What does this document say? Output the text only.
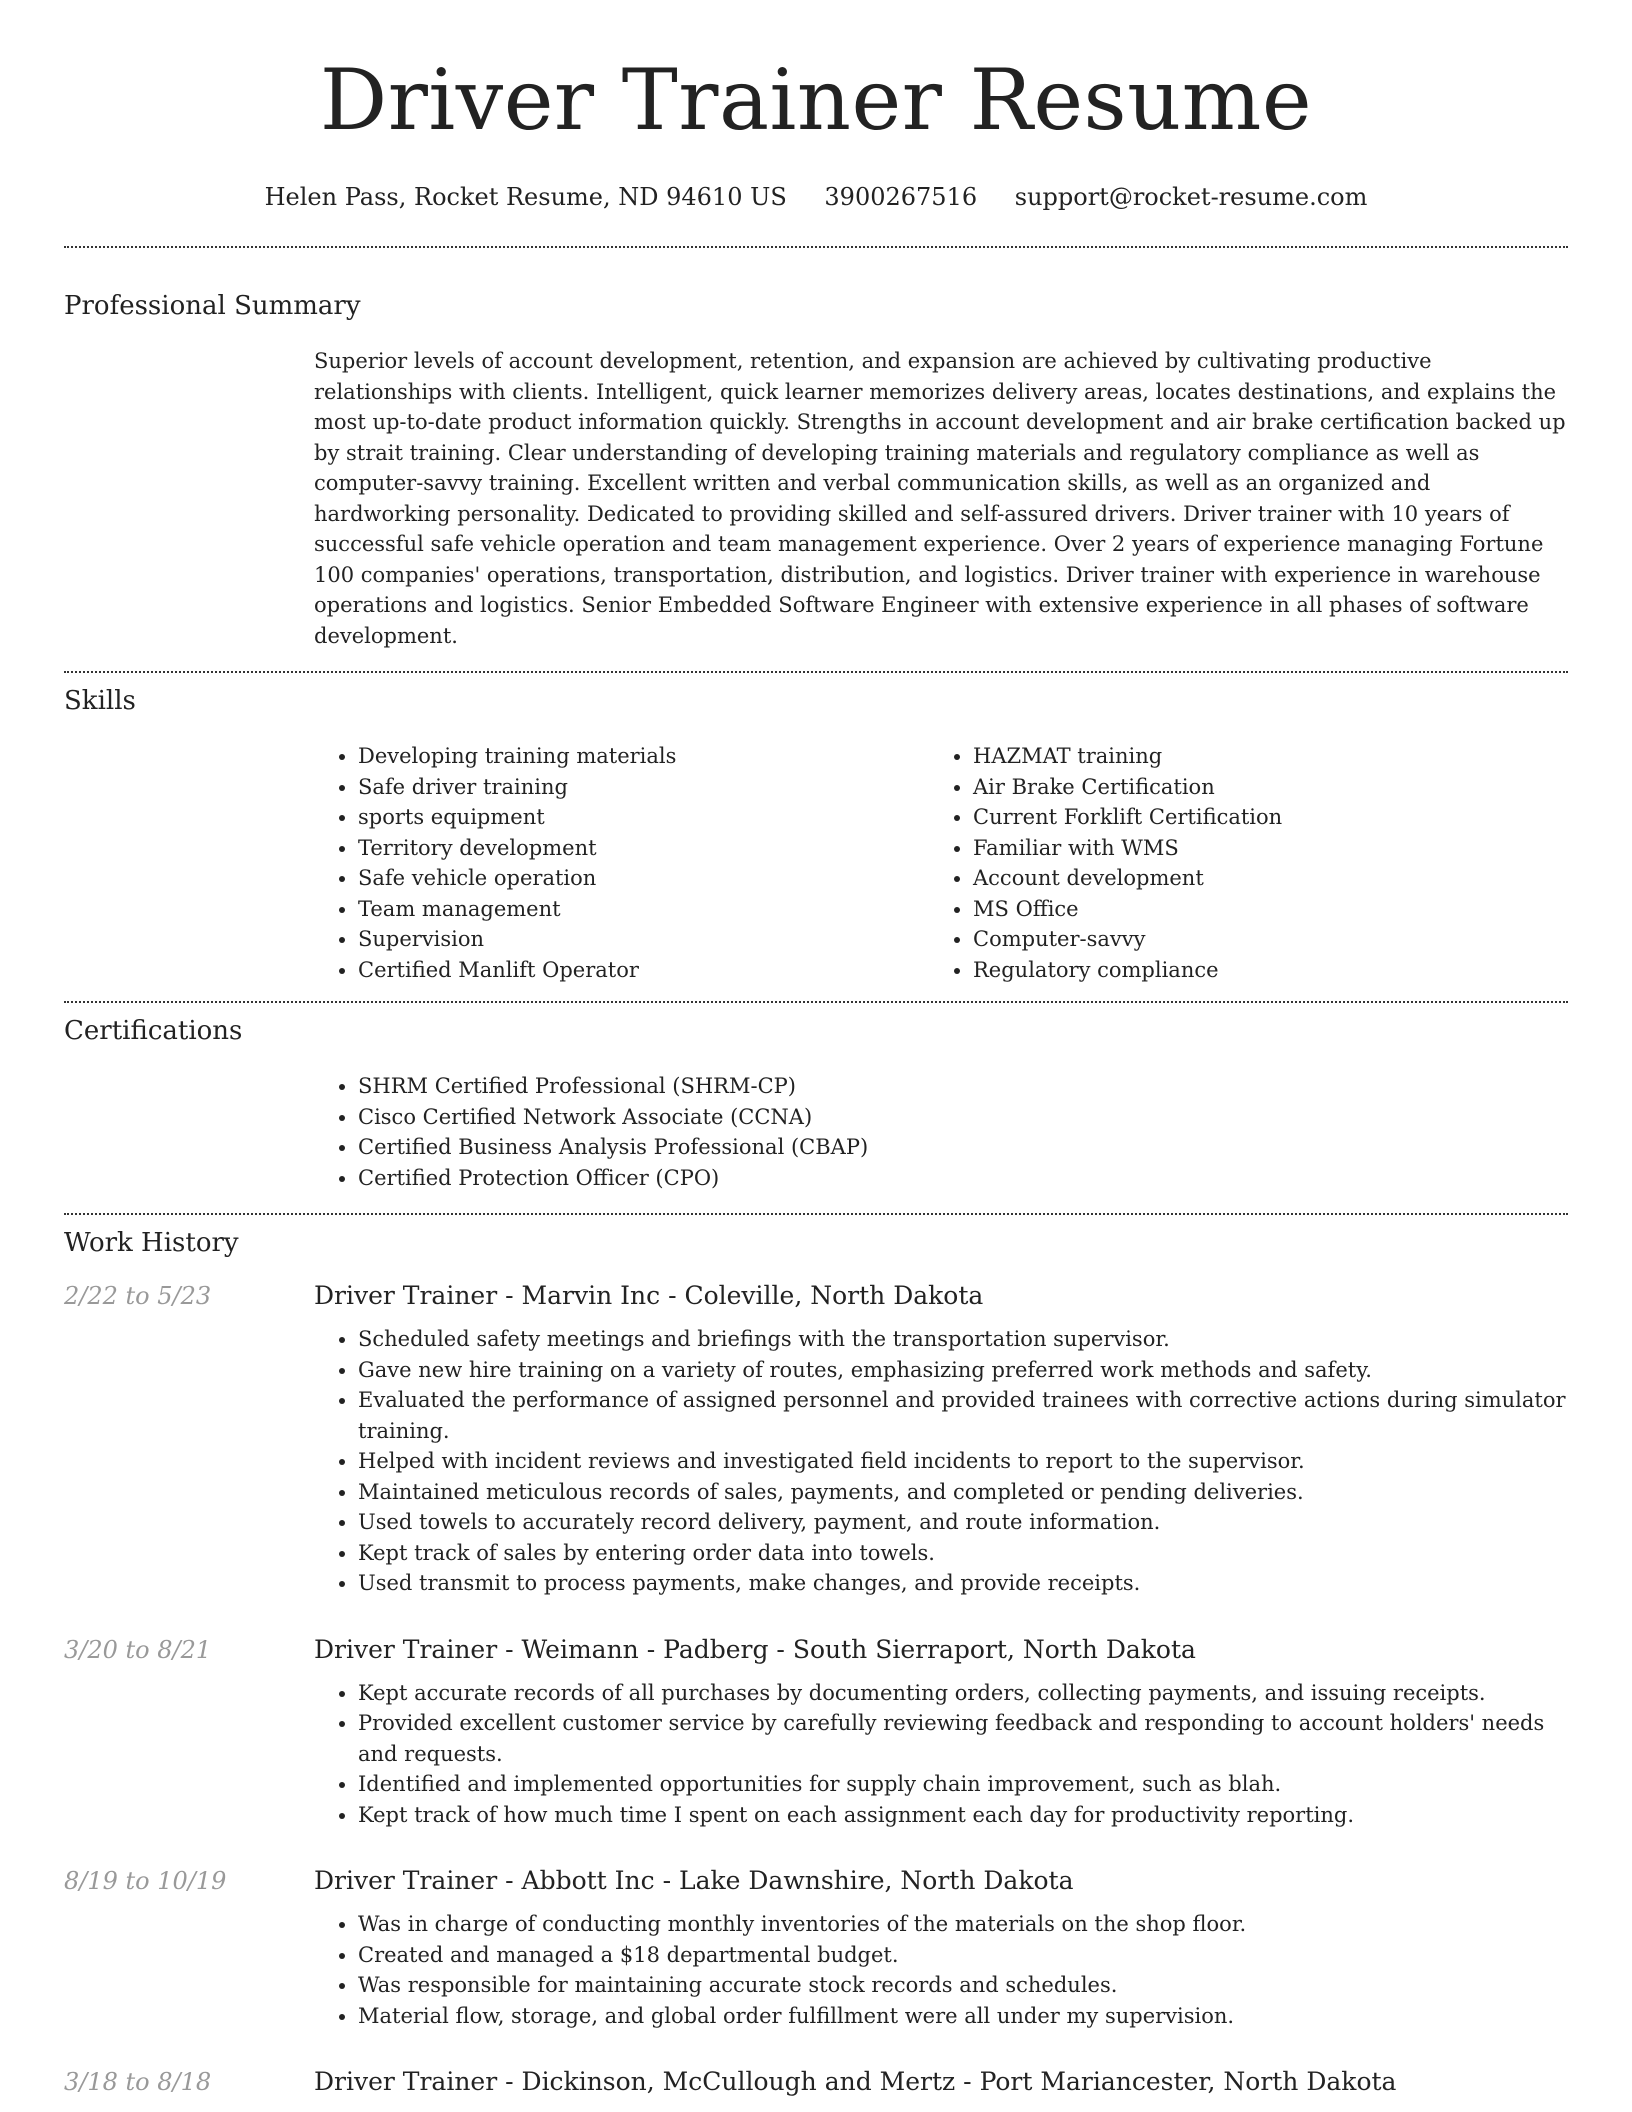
Driver Trainer Resume
Helen Pass, Rocket Resume, ND 94610 US 3900267516 support@rocket-resume.com
Professional Summary

Superior levels of account development, retention, and expansion are achieved by cultivating productive relationships with clients. Intelligent, quick learner memorizes delivery areas, locates destinations, and explains the most up-to-date product information quickly. Strengths in account development and air brake certification backed up by strait training. Clear understanding of developing training materials and regulatory compliance as well as computer-savvy training. Excellent written and verbal communication skills, as well as an organized and hardworking personality. Dedicated to providing skilled and self-assured drivers. Driver trainer with 10 years of successful safe vehicle operation and team management experience. Over 2 years of experience managing Fortune 100 companies' operations, transportation, distribution, and logistics. Driver trainer with experience in warehouse operations and logistics. Senior Embedded Software Engineer with extensive experience in all phases of software development.

Skills
• Developing training materials
• Safe driver training
• sports equipment
• Territory development
• Safe vehicle operation
• Team management
• Supervision
• Certified Manlift Operator
• HAZMAT training
• Air Brake Certification
• Current Forklift Certification
• Familiar with WMS
• Account development
• MS Office
• Computer-savvy
• Regulatory compliance
Certifications
• SHRM Certified Professional (SHRM-CP)
• Cisco Certified Network Associate (CCNA)
• Certified Business Analysis Professional (CBAP)
• Certified Protection Officer (CPO)
Work History
2/22 to 5/23	Driver Trainer - Marvin Inc - Coleville, North Dakota
• Scheduled safety meetings and briefings with the transportation supervisor.
• Gave new hire training on a variety of routes, emphasizing preferred work methods and safety.
• Evaluated the performance of assigned personnel and provided trainees with corrective actions during simulator training.
• Helped with incident reviews and investigated field incidents to report to the supervisor.
• Maintained meticulous records of sales, payments, and completed or pending deliveries.
• Used towels to accurately record delivery, payment, and route information.
• Kept track of sales by entering order data into towels.
• Used transmit to process payments, make changes, and provide receipts.
3/20 to 8/21	Driver Trainer - Weimann - Padberg - South Sierraport, North Dakota
• Kept accurate records of all purchases by documenting orders, collecting payments, and issuing receipts.
• Provided excellent customer service by carefully reviewing feedback and responding to account holders' needs and requests.
• Identified and implemented opportunities for supply chain improvement, such as blah.
• Kept track of how much time I spent on each assignment each day for productivity reporting.
8/19 to 10/19	Driver Trainer - Abbott Inc - Lake Dawnshire, North Dakota
• Was in charge of conducting monthly inventories of the materials on the shop floor.
• Created and managed a $18 departmental budget.
• Was responsible for maintaining accurate stock records and schedules.
• Material flow, storage, and global order fulfillment were all under my supervision.
3/18 to 8/18	Driver Trainer - Dickinson, McCullough and Mertz - Port Mariancester, North Dakota
